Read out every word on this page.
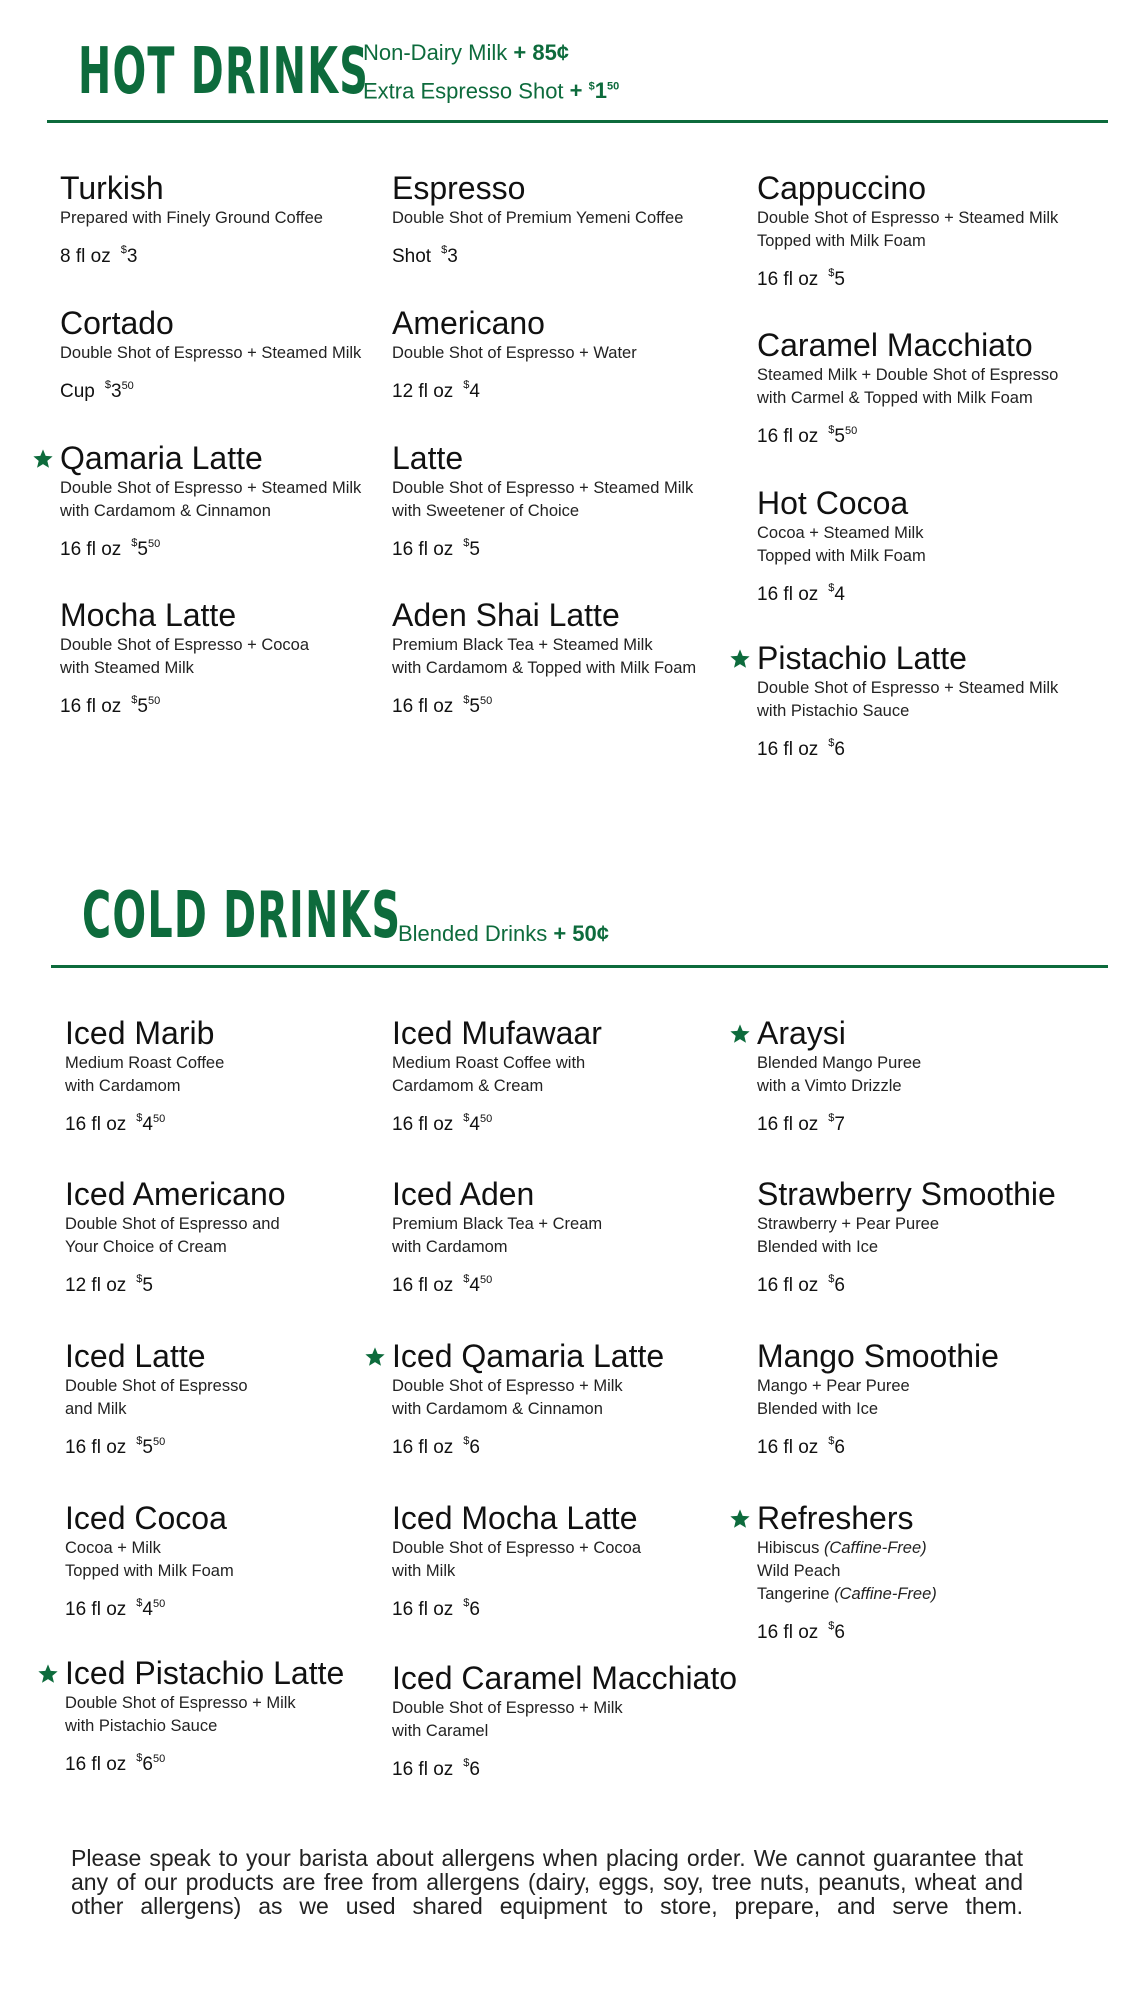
HOT DRINKS
Non-Dairy Milk + 85¢
Extra Espresso Shot + $^{\$}1^{50}$
Turkish
Prepared with Finely Ground Coffee
8 fl oz $3
Espresso
Double Shot of Premium Yemeni Coffee
Shot $3
Cappuccino
Double Shot of Espresso + Steamed Milk
Topped with Milk Foam
16 fl oz $5
Cortado
Double Shot of Espresso + Steamed Milk
Cup $^{\$}3^{50}$
Americano
Double Shot of Espresso + Water
12 fl oz $4
Caramel Macchiato
Steamed Milk + Double Shot of Espresso
with Carmel & Topped with Milk Foam
16 fl oz $^{\$}5^{50}$
Qamaria Latte
Double Shot of Espresso + Steamed Milk
with Cardamom & Cinnamon
16 fl oz $^{\$}5^{50}$
Latte
Double Shot of Espresso + Steamed Milk
with Sweetener of Choice
16 fl oz $5
Hot Cocoa
Cocoa + Steamed Milk
Topped with Milk Foam
16 fl oz $4
Mocha Latte
Double Shot of Espresso + Cocoa
with Steamed Milk
16 fl oz $^{\$}5^{50}$
Aden Shai Latte
Premium Black Tea + Steamed Milk
with Cardamom & Topped with Milk Foam
16 fl oz $^{\$}5^{50}$
Pistachio Latte
Double Shot of Espresso + Steamed Milk
with Pistachio Sauce
16 fl oz $6
COLD DRINKS
Blended Drinks + 50¢
Iced Marib
Medium Roast Coffee
with Cardamom
16 fl oz $^{\$}4^{50}$
Iced Mufawaar
Medium Roast Coffee with
Cardamom & Cream
16 fl oz $^{\$}4^{50}$
Araysi
Blended Mango Puree
with a Vimto Drizzle
16 fl oz $7
Iced Americano
Double Shot of Espresso and
Your Choice of Cream
12 fl oz $5
Iced Aden
Premium Black Tea + Cream
with Cardamom
16 fl oz $^{\$}4^{50}$
Strawberry Smoothie
Strawberry + Pear Puree
Blended with Ice
16 fl oz $6
Iced Latte
Double Shot of Espresso
and Milk
16 fl oz $^{\$}5^{50}$
Iced Qamaria Latte
Double Shot of Espresso + Milk
with Cardamom & Cinnamon
16 fl oz $6
Mango Smoothie
Mango + Pear Puree
Blended with Ice
16 fl oz $6
Iced Cocoa
Cocoa + Milk
Topped with Milk Foam
16 fl oz $^{\$}4^{50}$
Iced Mocha Latte
Double Shot of Espresso + Cocoa
with Milk
16 fl oz $6
Refreshers
Hibiscus (Caffine-Free)
Wild Peach
Tangerine (Caffine-Free)
16 fl oz $6
Iced Pistachio Latte
Double Shot of Espresso + Milk
with Pistachio Sauce
16 fl oz $^{\$}6^{50}$
Iced Caramel Macchiato
Double Shot of Espresso + Milk
with Caramel
16 fl oz $6
Please speak to your barista about allergens when placing order. We cannot guarantee that any of our products are free from allergens (dairy, eggs, soy, tree nuts, peanuts, wheat and other allergens) as we used shared equipment to store, prepare, and serve them.
